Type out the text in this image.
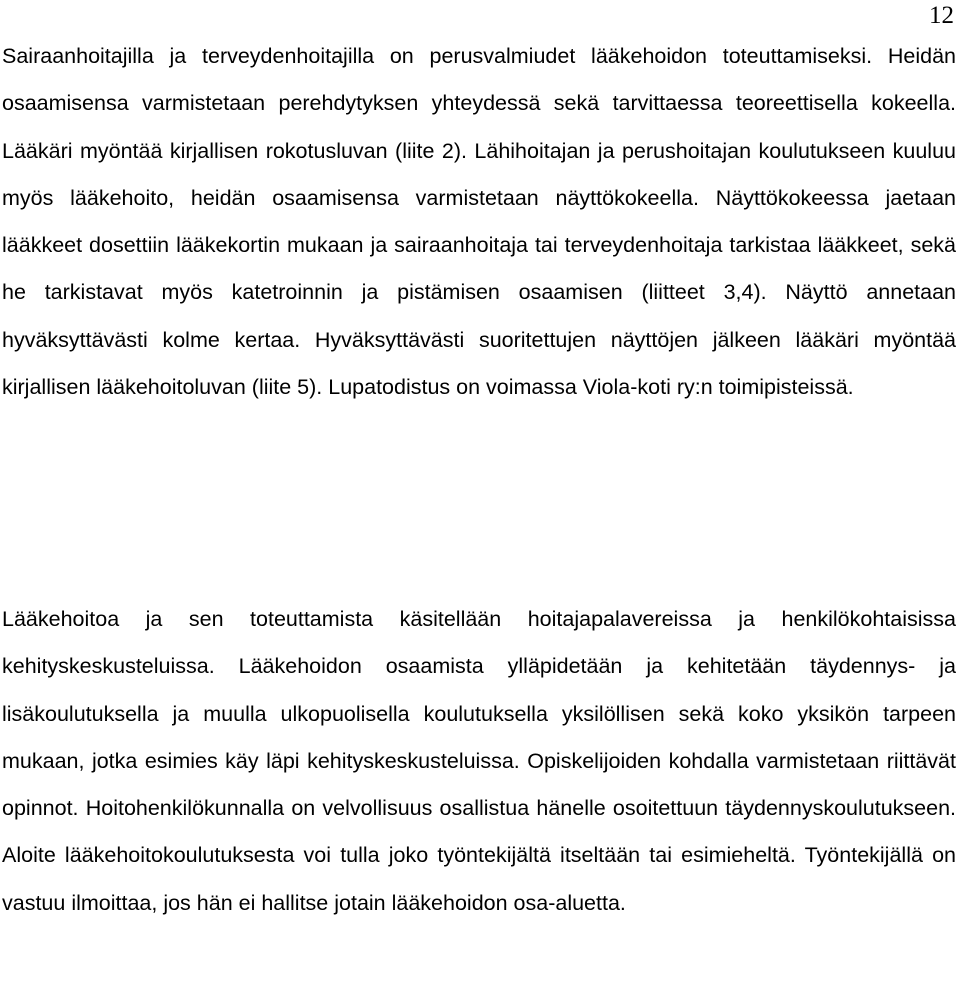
12

Sairaanhoitajilla ja terveydenhoitajilla on perusvalmiudet lääkehoidon toteuttamiseksi. Heidän osaamisensa varmistetaan perehdytyksen yhteydessä sekä tarvittaessa teoreettisella kokeella. Lääkäri myöntää kirjallisen rokotusluvan (liite 2). Lähihoitajan ja perushoitajan koulutukseen kuuluu myös lääkehoito, heidän osaamisensa varmistetaan näyttökokeella. Näyttökokeessa jaetaan lääkkeet dosettiin lääkekortin mukaan ja sairaanhoitaja tai terveydenhoitaja tarkistaa lääkkeet, sekä he tarkistavat myös katetroinnin ja pistämisen osaamisen (liitteet 3,4). Näyttö annetaan hyväksyttävästi kolme kertaa. Hyväksyttävästi suoritettujen näyttöjen jälkeen lääkäri myöntää kirjallisen lääkehoitoluvan (liite 5). Lupatodistus on voimassa Viola-koti ry:n toimipisteissä.

Lääkehoitoa ja sen toteuttamista käsitellään hoitajapalavereissa ja henkilökohtaisissa kehityskeskusteluissa. Lääkehoidon osaamista ylläpidetään ja kehitetään täydennys- ja lisäkoulutuksella ja muulla ulkopuolisella koulutuksella yksilöllisen sekä koko yksikön tarpeen mukaan, jotka esimies käy läpi kehityskeskusteluissa. Opiskelijoiden kohdalla varmistetaan riittävät opinnot. Hoitohenkilökunnalla on velvollisuus osallistua hänelle osoitettuun täydennyskoulutukseen. Aloite lääkehoitokoulutuksesta voi tulla joko työntekijältä itseltään tai esimieheltä. Työntekijällä on vastuu ilmoittaa, jos hän ei hallitse jotain lääkehoidon osa-aluetta.
